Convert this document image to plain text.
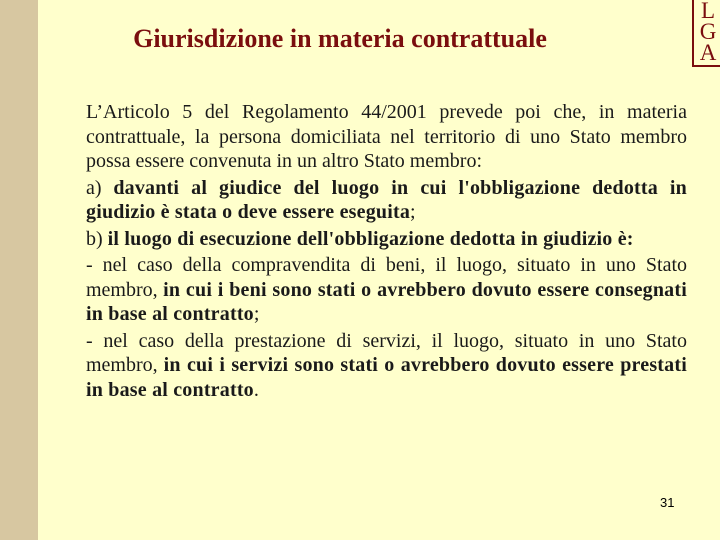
Giurisdizione in materia contrattuale
L
G
A

L’Articolo 5 del Regolamento 44/2001 prevede poi che, in materia contrattuale, la persona domiciliata nel territorio di uno Stato membro possa essere convenuta in un altro Stato membro:

a) davanti al giudice del luogo in cui l'obbligazione dedotta in giudizio è stata o deve essere eseguita;

b) il luogo di esecuzione dell'obbligazione dedotta in giudizio è:

- nel caso della compravendita di beni, il luogo, situato in uno Stato membro, in cui i beni sono stati o avrebbero dovuto essere consegnati in base al contratto;

- nel caso della prestazione di servizi, il luogo, situato in uno Stato membro, in cui i servizi sono stati o avrebbero dovuto essere prestati in base al contratto.

31
